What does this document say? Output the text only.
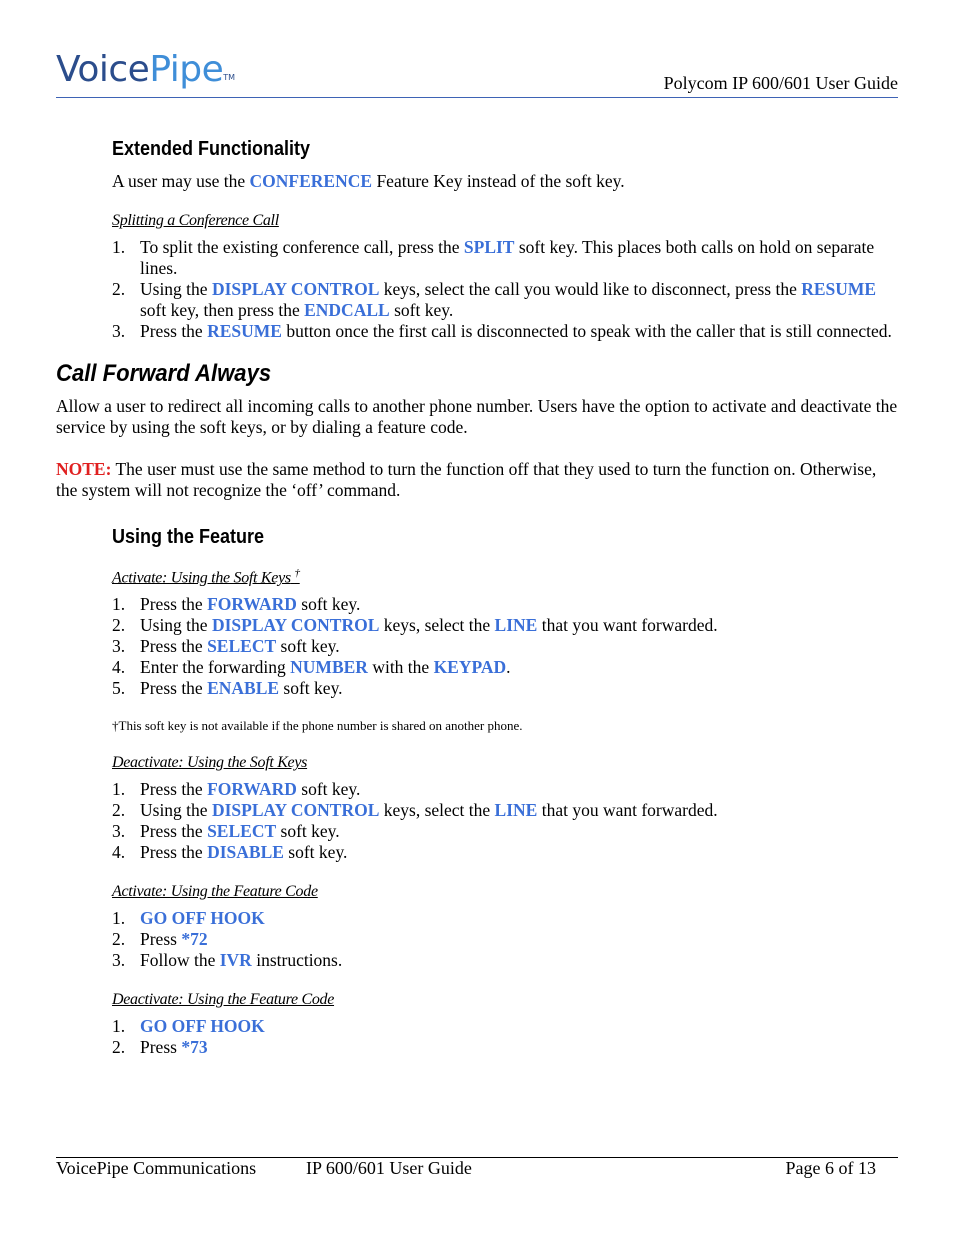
VoicePipe™	Polycom IP 600/601 User Guide
Extended Functionality

A user may use the CONFERENCE Feature Key instead of the soft key.

Splitting a Conference Call
1. To split the existing conference call, press the SPLIT soft key. This places both calls on hold on separate lines.
2. Using the DISPLAY CONTROL keys, select the call you would like to disconnect, press the RESUME soft key, then press the ENDCALL soft key.
3. Press the RESUME button once the first call is disconnected to speak with the caller that is still connected.
Call Forward Always

Allow a user to redirect all incoming calls to another phone number. Users have the option to activate and deactivate the service by using the soft keys, or by dialing a feature code.

NOTE: The user must use the same method to turn the function off that they used to turn the function on. Otherwise, the system will not recognize the ‘off’ command.

Using the Feature
Activate: Using the Soft Keys †
1. Press the FORWARD soft key.
2. Using the DISPLAY CONTROL keys, select the LINE that you want forwarded.
3. Press the SELECT soft key.
4. Enter the forwarding NUMBER with the KEYPAD.
5. Press the ENABLE soft key.
†This soft key is not available if the phone number is shared on another phone.
Deactivate: Using the Soft Keys
1. Press the FORWARD soft key.
2. Using the DISPLAY CONTROL keys, select the LINE that you want forwarded.
3. Press the SELECT soft key.
4. Press the DISABLE soft key.
Activate: Using the Feature Code
1. GO OFF HOOK
2. Press *72
3. Follow the IVR instructions.
Deactivate: Using the Feature Code
1. GO OFF HOOK
2. Press *73
VoicePipe Communications	IP 600/601 User Guide	Page 6 of 13
